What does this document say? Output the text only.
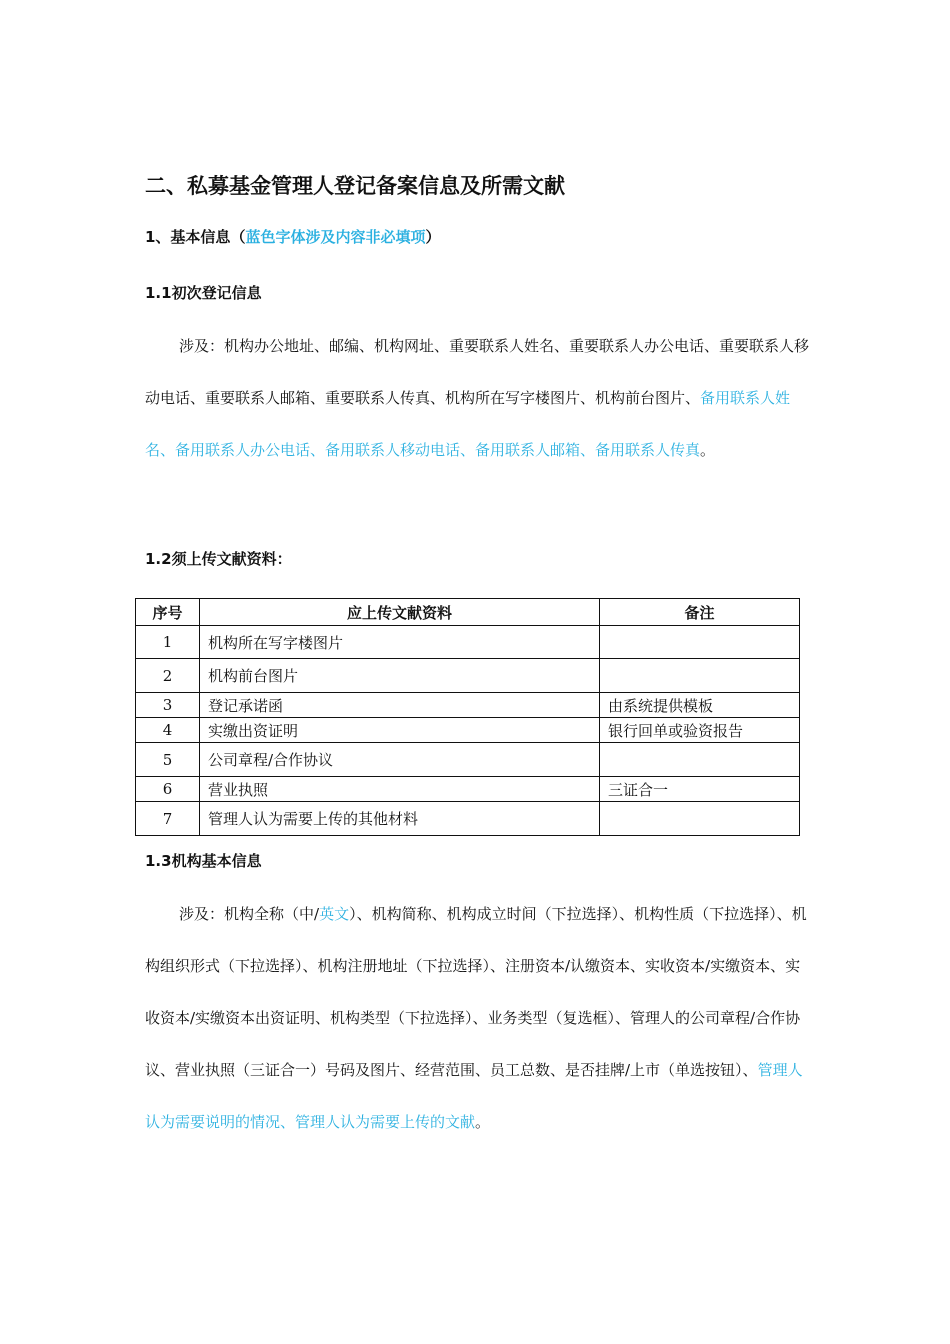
二、私募基金管理人登记备案信息及所需文献

1、基本信息（蓝色字体涉及内容非必填项）

1.1初次登记信息

涉及：机构办公地址、邮编、机构网址、重要联系人姓名、重要联系人办公电话、重要联系人移动电话、重要联系人邮箱、重要联系人传真、机构所在写字楼图片、机构前台图片、备用联系人姓名、备用联系人办公电话、备用联系人移动电话、备用联系人邮箱、备用联系人传真。

1.2须上传文献资料：

序号	应上传文献资料	备注
1	机构所在写字楼图片	
2	机构前台图片	
3	登记承诺函	由系统提供模板
4	实缴出资证明	银行回单或验资报告
5	公司章程/合作协议	
6	营业执照	三证合一
7	管理人认为需要上传的其他材料	

1.3机构基本信息

涉及：机构全称（中/英文）、机构简称、机构成立时间（下拉选择）、机构性质（下拉选择）、机构组织形式（下拉选择）、机构注册地址（下拉选择）、注册资本/认缴资本、实收资本/实缴资本、实收资本/实缴资本出资证明、机构类型（下拉选择）、业务类型（复选框）、管理人的公司章程/合作协议、营业执照（三证合一）号码及图片、经营范围、员工总数、是否挂牌/上市（单选按钮）、管理人认为需要说明的情况、管理人认为需要上传的文献。
